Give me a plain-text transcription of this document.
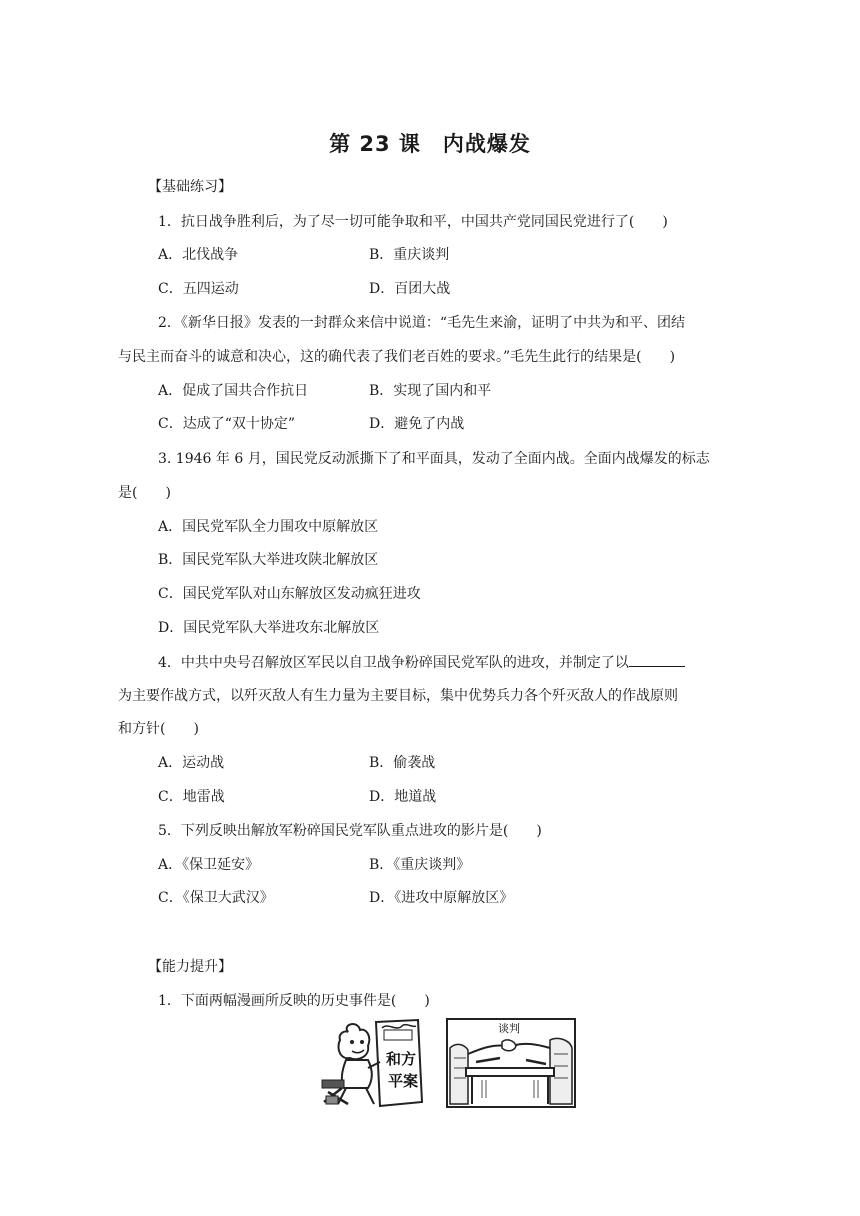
第 23 课　内战爆发
【基础练习】
1．抗日战争胜利后，为了尽一切可能争取和平，中国共产党同国民党进行了(　　)
A．北伐战争	B．重庆谈判
C．五四运动	D．百团大战
2．《新华日报》发表的一封群众来信中说道：“毛先生来渝，证明了中共为和平、团结
与民主而奋斗的诚意和决心，这的确代表了我们老百姓的要求。”毛先生此行的结果是(　　)
A．促成了国共合作抗日	B．实现了国内和平
C．达成了“双十协定”	D．避免了内战
3. 1946 年 6 月，国民党反动派撕下了和平面具，发动了全面内战。全面内战爆发的标志
是(　　)
A．国民党军队全力围攻中原解放区
B．国民党军队大举进攻陕北解放区
C．国民党军队对山东解放区发动疯狂进攻
D．国民党军队大举进攻东北解放区
4．中共中央号召解放区军民以自卫战争粉碎国民党军队的进攻，并制定了以
为主要作战方式，以歼灭敌人有生力量为主要目标，集中优势兵力各个歼灭敌人的作战原则
和方针(　　)
A．运动战	B．偷袭战
C．地雷战	D．地道战
5．下列反映出解放军粉碎国民党军队重点进攻的影片是(　　)
A．《保卫延安》	B．《重庆谈判》
C．《保卫大武汉》	D．《进攻中原解放区》
【能力提升】
1．下面两幅漫画所反映的历史事件是(　　)
和方
平案
谈判
